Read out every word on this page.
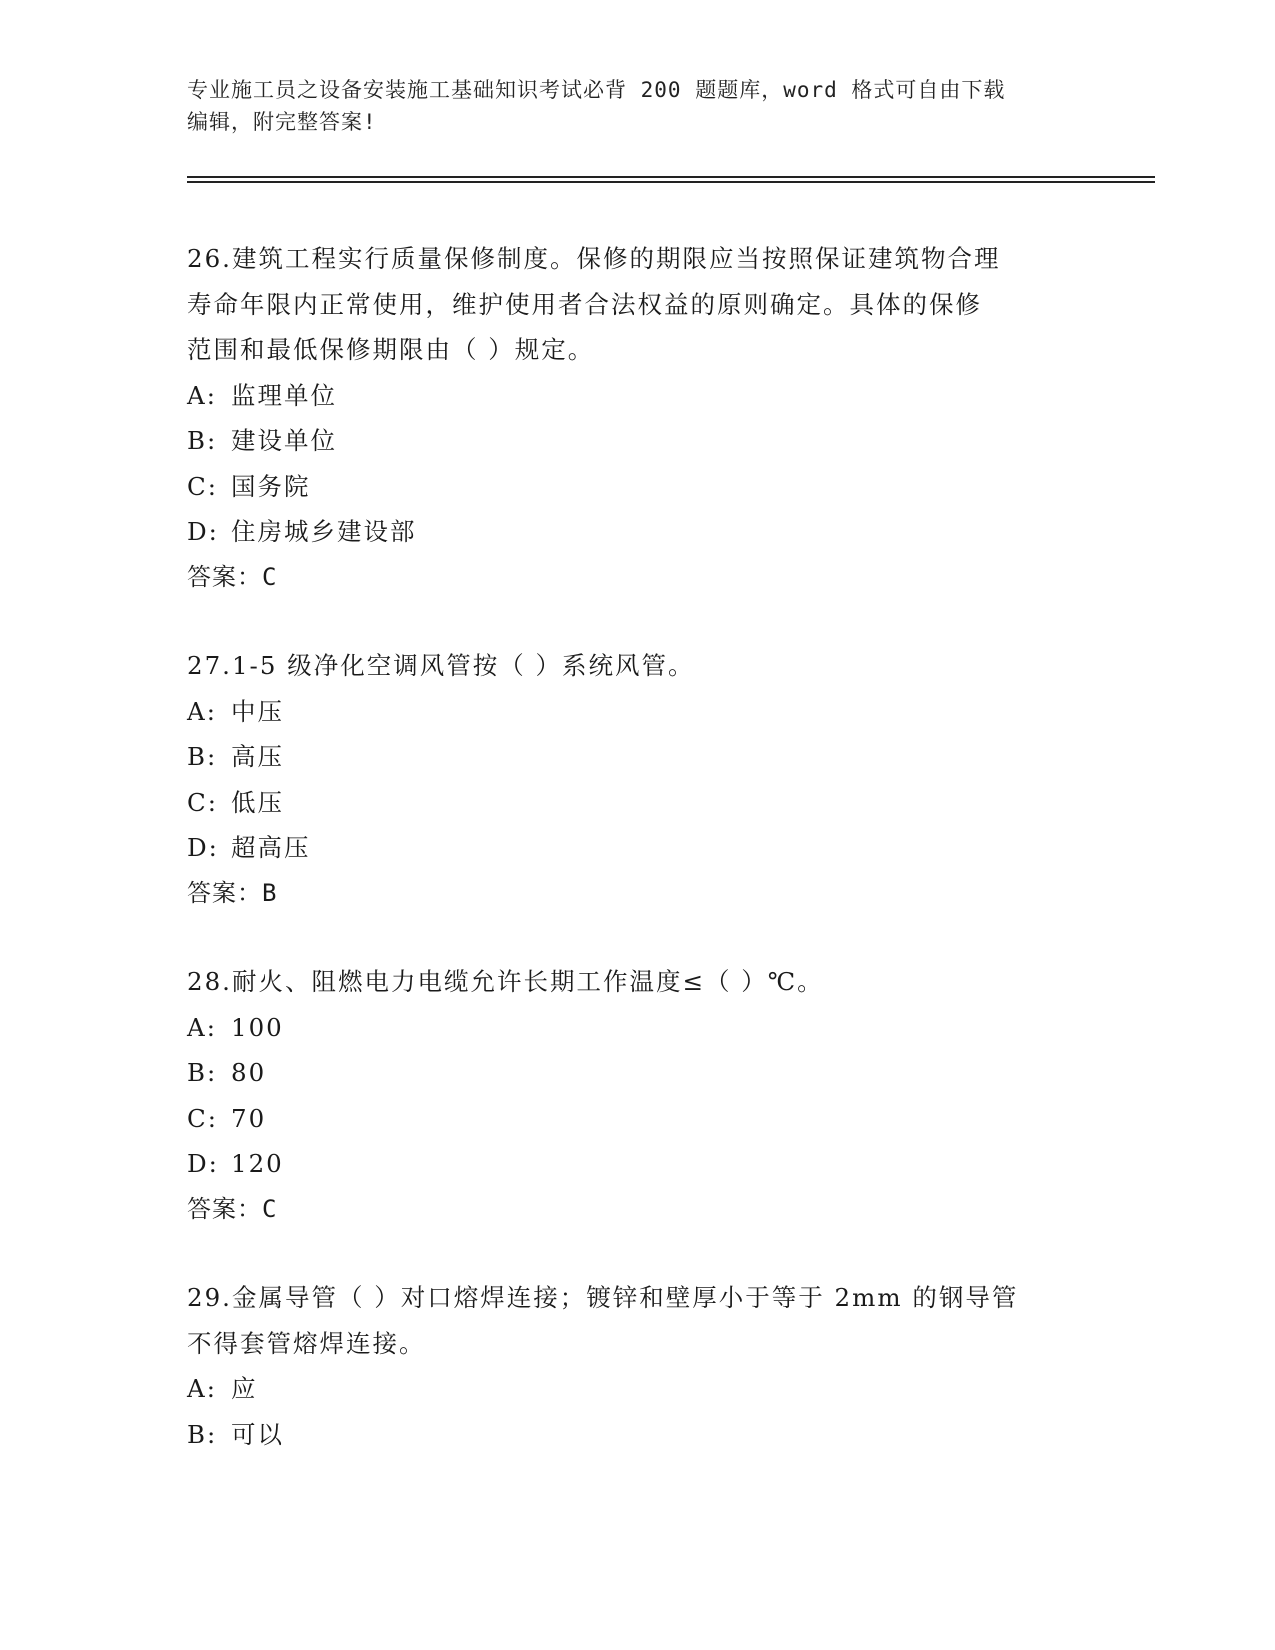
专业施工员之设备安装施工基础知识考试必背 200 题题库，word 格式可自由下载
编辑，附完整答案!
26.建筑工程实行质量保修制度。保修的期限应当按照保证建筑物合理
寿命年限内正常使用，维护使用者合法权益的原则确定。具体的保修
范围和最低保修期限由（ ）规定。
A: 监理单位
B: 建设单位
C: 国务院
D: 住房城乡建设部
答案：C
27.1-5 级净化空调风管按（ ）系统风管。
A: 中压
B: 高压
C: 低压
D: 超高压
答案：B
28.耐火、阻燃电力电缆允许长期工作温度≤（ ）℃。
A: 100
B: 80
C: 70
D: 120
答案：C
29.金属导管（ ）对口熔焊连接；镀锌和壁厚小于等于 2mm 的钢导管
不得套管熔焊连接。
A: 应
B: 可以
